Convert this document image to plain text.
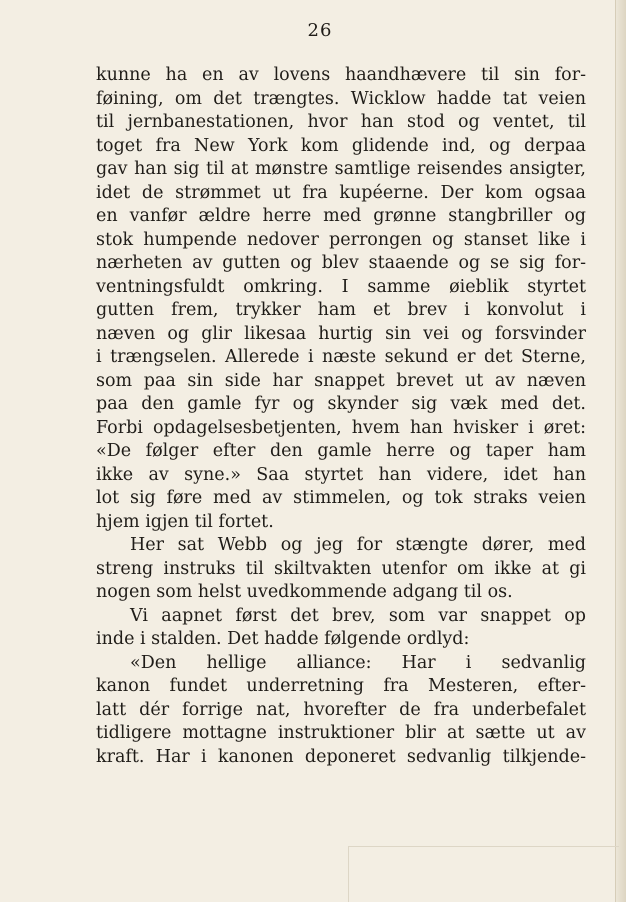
26
kunne ha en av lovens haandhævere til sin for-
føining, om det trængtes. Wicklow hadde tat veien
til jernbanestationen, hvor han stod og ventet, til
toget fra New York kom glidende ind, og derpaa
gav han sig til at mønstre samtlige reisendes ansigter,
idet de strømmet ut fra kupéerne. Der kom ogsaa
en vanfør ældre herre med grønne stangbriller og
stok humpende nedover perrongen og stanset like i
nærheten av gutten og blev staaende og se sig for-
ventningsfuldt omkring. I samme øieblik styrtet
gutten frem, trykker ham et brev i konvolut i
næven og glir likesaa hurtig sin vei og forsvinder
i trængselen. Allerede i næste sekund er det Sterne,
som paa sin side har snappet brevet ut av næven
paa den gamle fyr og skynder sig væk med det.
Forbi opdagelsesbetjenten, hvem han hvisker i øret:
«De følger efter den gamle herre og taper ham
ikke av syne.» Saa styrtet han videre, idet han
lot sig føre med av stimmelen, og tok straks veien
hjem igjen til fortet.
Her sat Webb og jeg for stængte dører, med
streng instruks til skiltvakten utenfor om ikke at gi
nogen som helst uvedkommende adgang til os.
Vi aapnet først det brev, som var snappet op
inde i stalden. Det hadde følgende ordlyd:
«Den hellige alliance: Har i sedvanlig
kanon fundet underretning fra Mesteren, efter-
latt dér forrige nat, hvorefter de fra underbefalet
tidligere mottagne instruktioner blir at sætte ut av
kraft. Har i kanonen deponeret sedvanlig tilkjende-
